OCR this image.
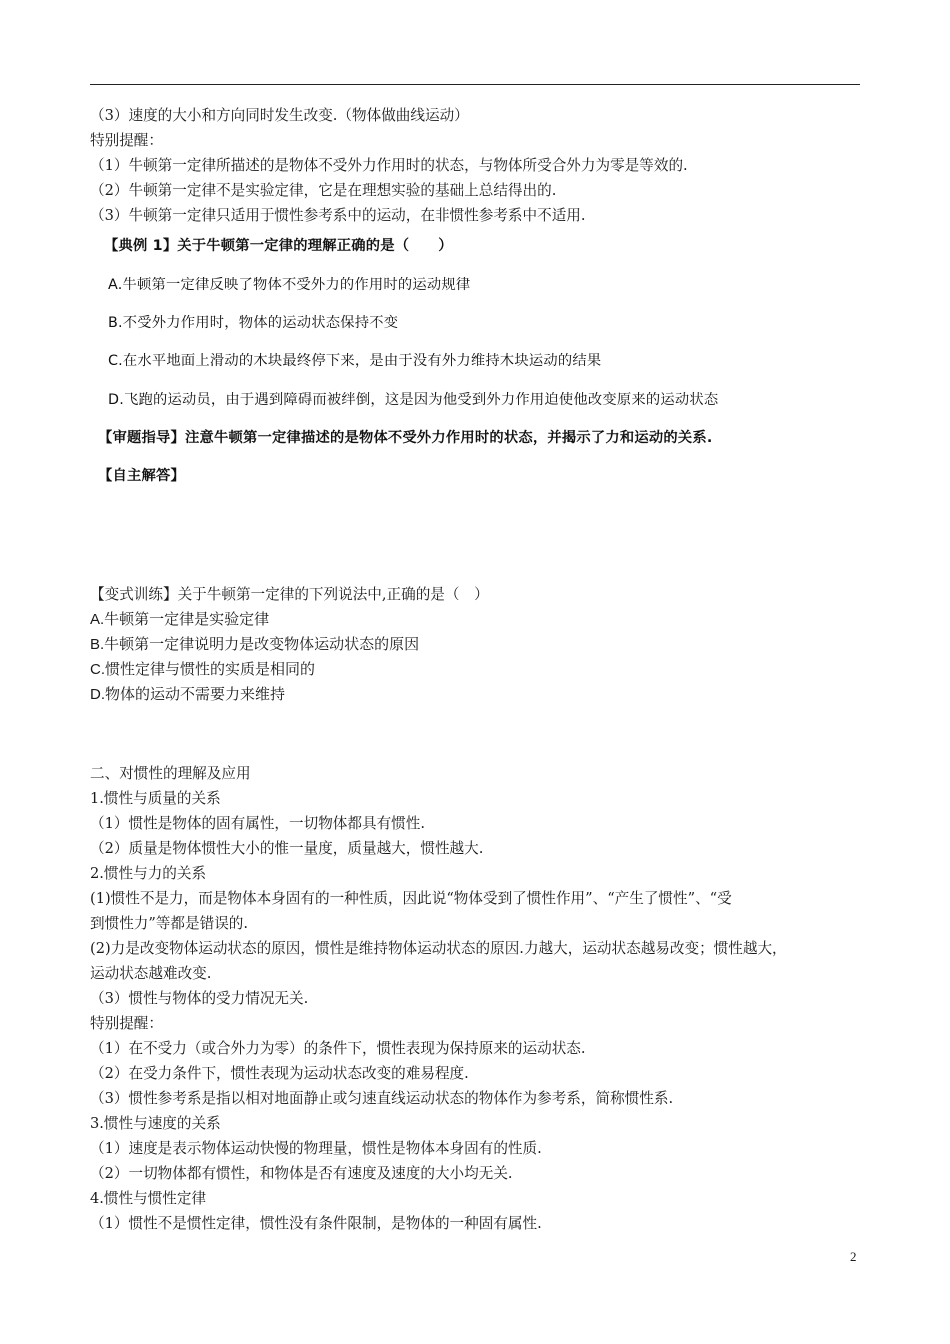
（3）速度的大小和方向同时发生改变.（物体做曲线运动）
特别提醒：
（1）牛顿第一定律所描述的是物体不受外力作用时的状态，与物体所受合外力为零是等效的.
（2）牛顿第一定律不是实验定律，它是在理想实验的基础上总结得出的.
（3）牛顿第一定律只适用于惯性参考系中的运动，在非惯性参考系中不适用.
【典例 1】关于牛顿第一定律的理解正确的是（　　）
A.牛顿第一定律反映了物体不受外力的作用时的运动规律
B.不受外力作用时，物体的运动状态保持不变
C.在水平地面上滑动的木块最终停下来，是由于没有外力维持木块运动的结果
D.飞跑的运动员，由于遇到障碍而被绊倒，这是因为他受到外力作用迫使他改变原来的运动状态
【审题指导】注意牛顿第一定律描述的是物体不受外力作用时的状态，并揭示了力和运动的关系.
【自主解答】
【变式训练】关于牛顿第一定律的下列说法中,正确的是（　）
A.牛顿第一定律是实验定律
B.牛顿第一定律说明力是改变物体运动状态的原因
C.惯性定律与惯性的实质是相同的
D.物体的运动不需要力来维持
二、对惯性的理解及应用
1.惯性与质量的关系
（1）惯性是物体的固有属性，一切物体都具有惯性.
（2）质量是物体惯性大小的惟一量度，质量越大，惯性越大.
2.惯性与力的关系
(1)惯性不是力，而是物体本身固有的一种性质，因此说“物体受到了惯性作用”、“产生了惯性”、“受
到惯性力”等都是错误的.
(2)力是改变物体运动状态的原因，惯性是维持物体运动状态的原因.力越大，运动状态越易改变；惯性越大，
运动状态越难改变.
（3）惯性与物体的受力情况无关.
特别提醒：
（1）在不受力（或合外力为零）的条件下，惯性表现为保持原来的运动状态.
（2）在受力条件下，惯性表现为运动状态改变的难易程度.
（3）惯性参考系是指以相对地面静止或匀速直线运动状态的物体作为参考系，简称惯性系.
3.惯性与速度的关系
（1）速度是表示物体运动快慢的物理量，惯性是物体本身固有的性质.
（2）一切物体都有惯性，和物体是否有速度及速度的大小均无关.
4.惯性与惯性定律
（1）惯性不是惯性定律，惯性没有条件限制，是物体的一种固有属性.
2
